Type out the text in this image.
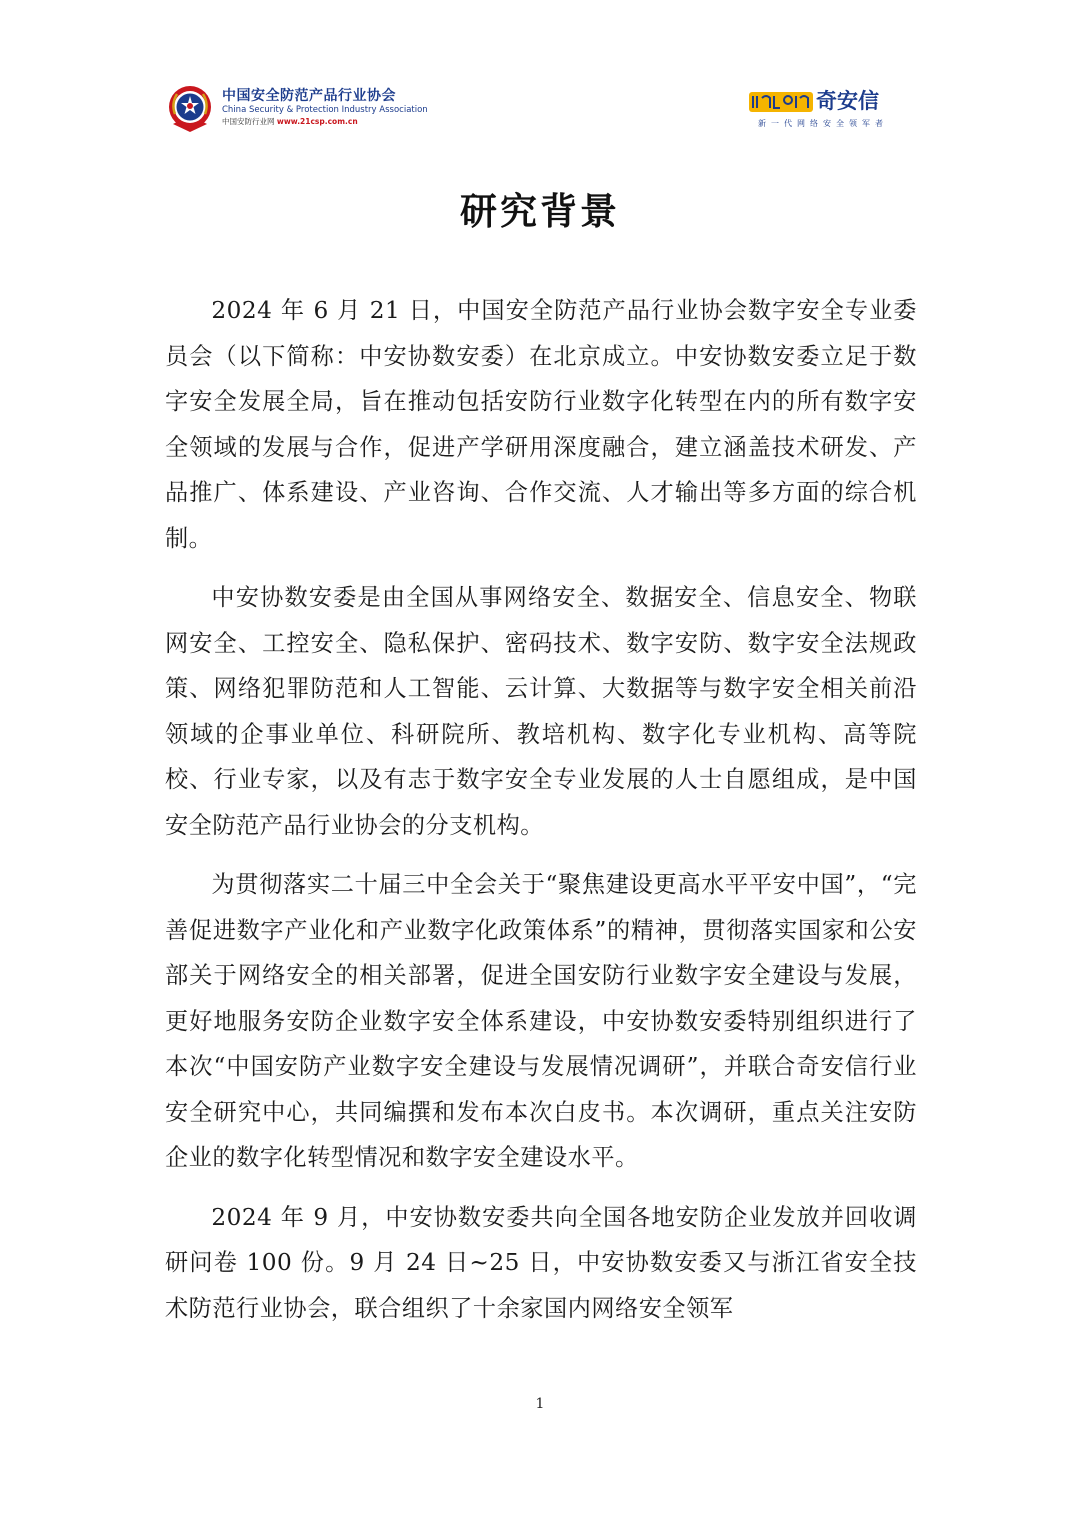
中国安全防范产品行业协会
China Security & Protection Industry Association
中国安防行业网 www.21csp.com.cn
奇安信
新一代网络安全领军者
研究背景

2024 年 6 月 21 日，中国安全防范产品行业协会数字安全专业委员会（以下简称：中安协数安委）在北京成立。中安协数安委立足于数字安全发展全局，旨在推动包括安防行业数字化转型在内的所有数字安全领域的发展与合作，促进产学研用深度融合，建立涵盖技术研发、产品推广、体系建设、产业咨询、合作交流、人才输出等多方面的综合机制。

中安协数安委是由全国从事网络安全、数据安全、信息安全、物联网安全、工控安全、隐私保护、密码技术、数字安防、数字安全法规政策、网络犯罪防范和人工智能、云计算、大数据等与数字安全相关前沿领域的企事业单位、科研院所、教培机构、数字化专业机构、高等院校、行业专家，以及有志于数字安全专业发展的人士自愿组成，是中国安全防范产品行业协会的分支机构。

为贯彻落实二十届三中全会关于“聚焦建设更高水平平安中国”，“完善促进数字产业化和产业数字化政策体系”的精神，贯彻落实国家和公安部关于网络安全的相关部署，促进全国安防行业数字安全建设与发展，更好地服务安防企业数字安全体系建设，中安协数安委特别组织进行了本次“中国安防产业数字安全建设与发展情况调研”，并联合奇安信行业安全研究中心，共同编撰和发布本次白皮书。本次调研，重点关注安防企业的数字化转型情况和数字安全建设水平。

2024 年 9 月，中安协数安委共向全国各地安防企业发放并回收调研问卷 100 份。9 月 24 日~25 日，中安协数安委又与浙江省安全技术防范行业协会，联合组织了十余家国内网络安全领军

1
